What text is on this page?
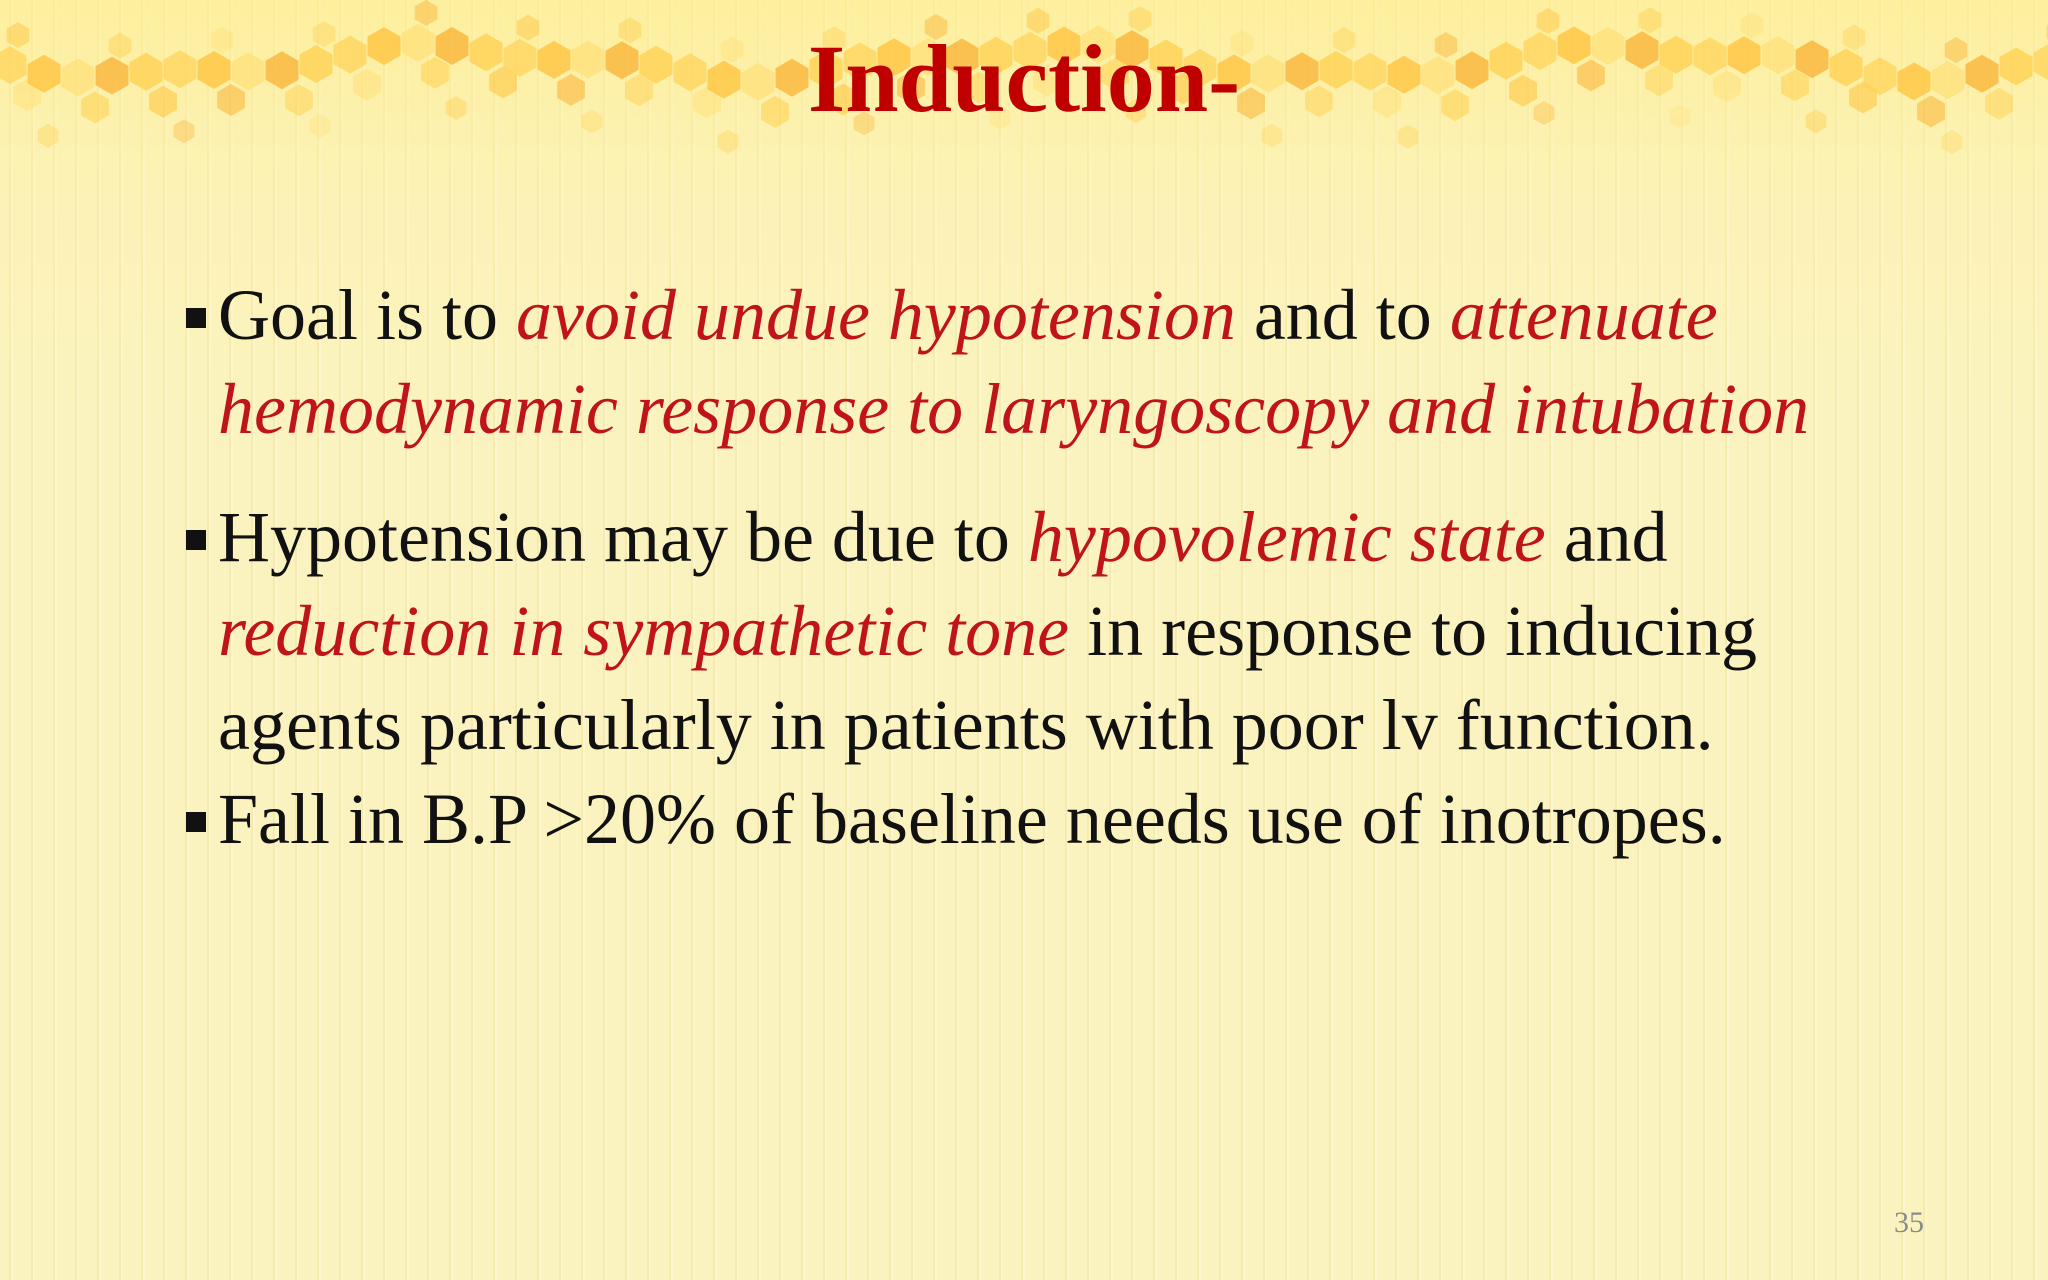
Induction-
Goal is to avoid undue hypotension and to attenuate hemodynamic response to laryngoscopy and intubation
Hypotension may be due to hypovolemic state and reduction in sympathetic tone in response to inducing agents particularly in patients with poor lv function.
Fall in B.P >20% of baseline needs use of inotropes.
35
